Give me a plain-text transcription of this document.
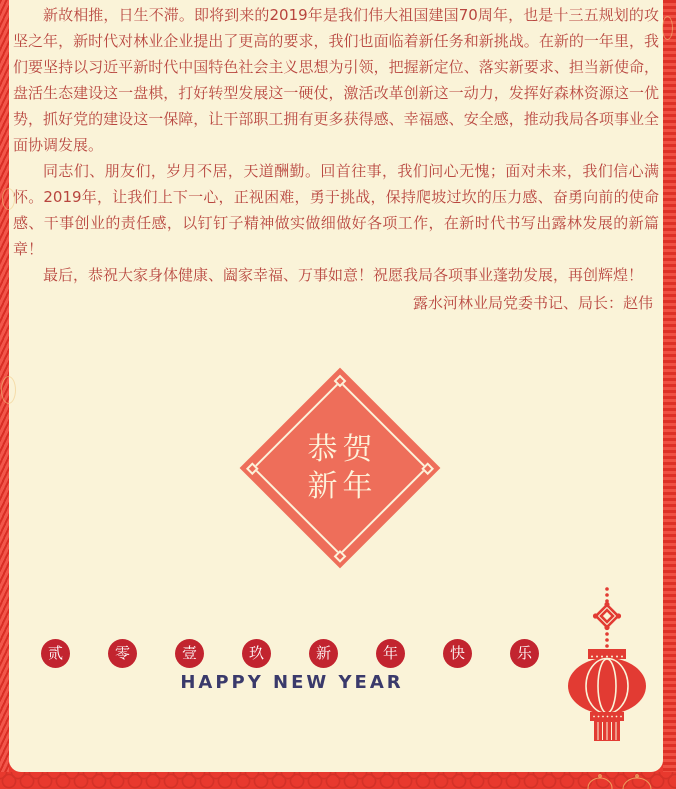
新故相推，日生不滞。即将到来的2019年是我们伟大祖国建国70周年，也是十三五规划的攻坚之年，新时代对林业企业提出了更高的要求，我们也面临着新任务和新挑战。在新的一年里，我们要坚持以习近平新时代中国特色社会主义思想为引领，把握新定位、落实新要求、担当新使命，盘活生态建设这一盘棋，打好转型发展这一硬仗，激活改革创新这一动力，发挥好森林资源这一优势，抓好党的建设这一保障，让干部职工拥有更多获得感、幸福感、安全感，推动我局各项事业全面协调发展。

同志们、朋友们，岁月不居，天道酬勤。回首往事，我们问心无愧；面对未来，我们信心满怀。2019年，让我们上下一心，正视困难，勇于挑战，保持爬坡过坎的压力感、奋勇向前的使命感、干事创业的责任感，以钉钉子精神做实做细做好各项工作，在新时代书写出露林发展的新篇章！

最后，恭祝大家身体健康、阖家幸福、万事如意！祝愿我局各项事业蓬勃发展，再创辉煌！

露水河林业局党委书记、局长：赵伟

恭贺
新年
贰	零	壹	玖	新	年	快	乐
HAPPY NEW YEAR
